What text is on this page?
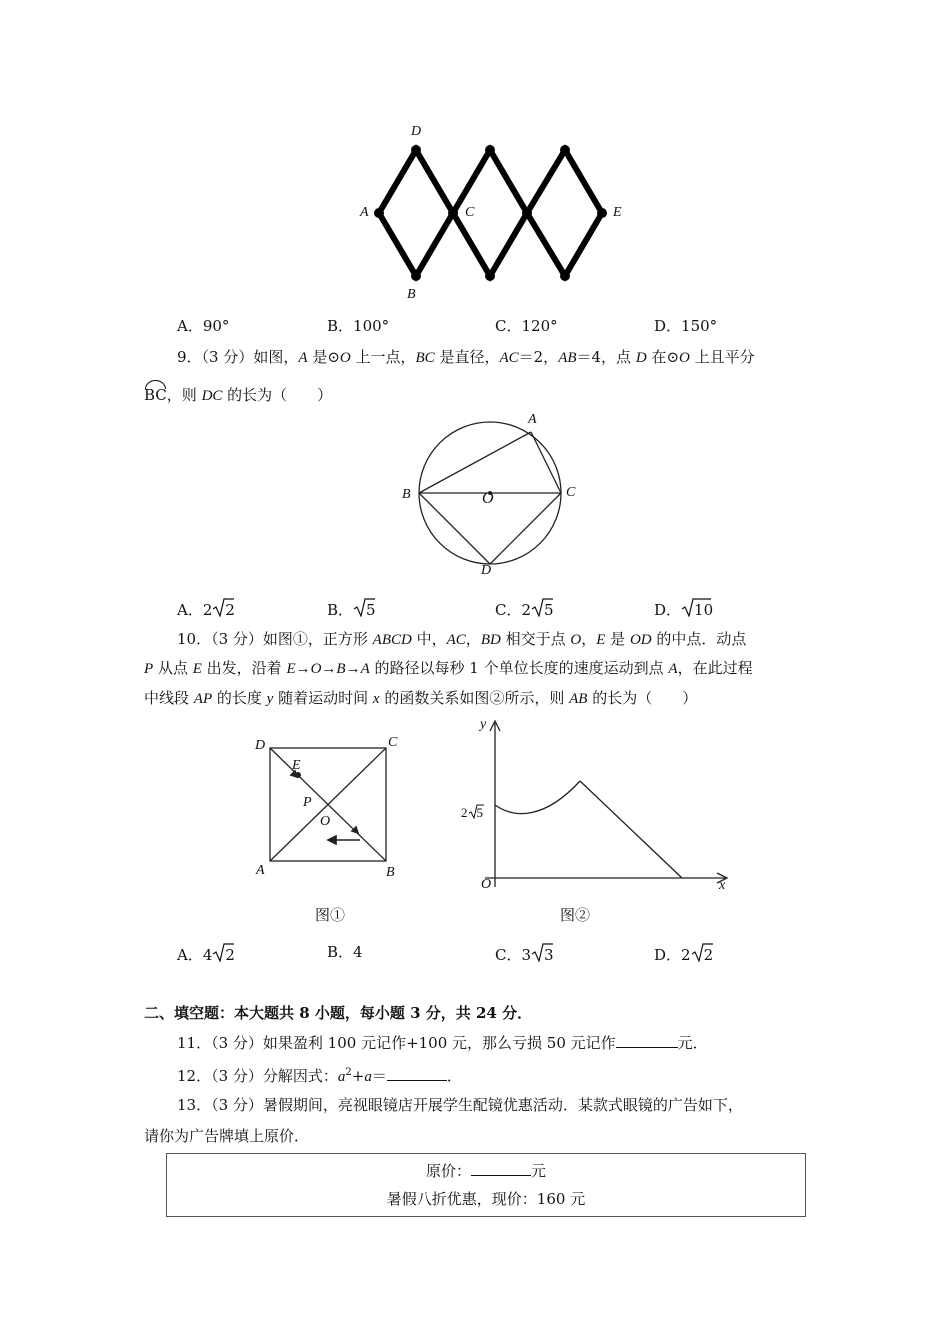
D
A	C	E
B
A．90°	B．100°	C．120°	D．150°
9．（3 分）如图，A 是⊙O 上一点，BC 是直径，AC＝2，AB＝4，点 D 在⊙O 上且平分
BC，则 DC 的长为（　　）
A
B	C
O
D
A．2 2	B． 5	C．2 5	D． 10
10．（3 分）如图①，正方形 ABCD 中，AC，BD 相交于点 O，E 是 OD 的中点．动点
P 从点 E 出发，沿着 E→O→B→A 的路径以每秒 1 个单位长度的速度运动到点 A，在此过程
中线段 AP 的长度 y 随着运动时间 x 的函数关系如图②所示，则 AB 的长为（　　）
D	C
E
P
O
A	B
图①
y
x
O
2 5
图②
A．4 2	B．4	C．3 3	D．2 2
二、填空题：本大题共 8 小题，每小题 3 分，共 24 分．
11．（3 分）如果盈利 100 元记作+100 元，那么亏损 50 元记作	元．
12．（3 分）分解因式：$a^2+a=$	．
13．（3 分）暑假期间，亮视眼镜店开展学生配镜优惠活动．某款式眼镜的广告如下，
请你为广告牌填上原价．
原价：	元
暑假八折优惠，现价：160 元
